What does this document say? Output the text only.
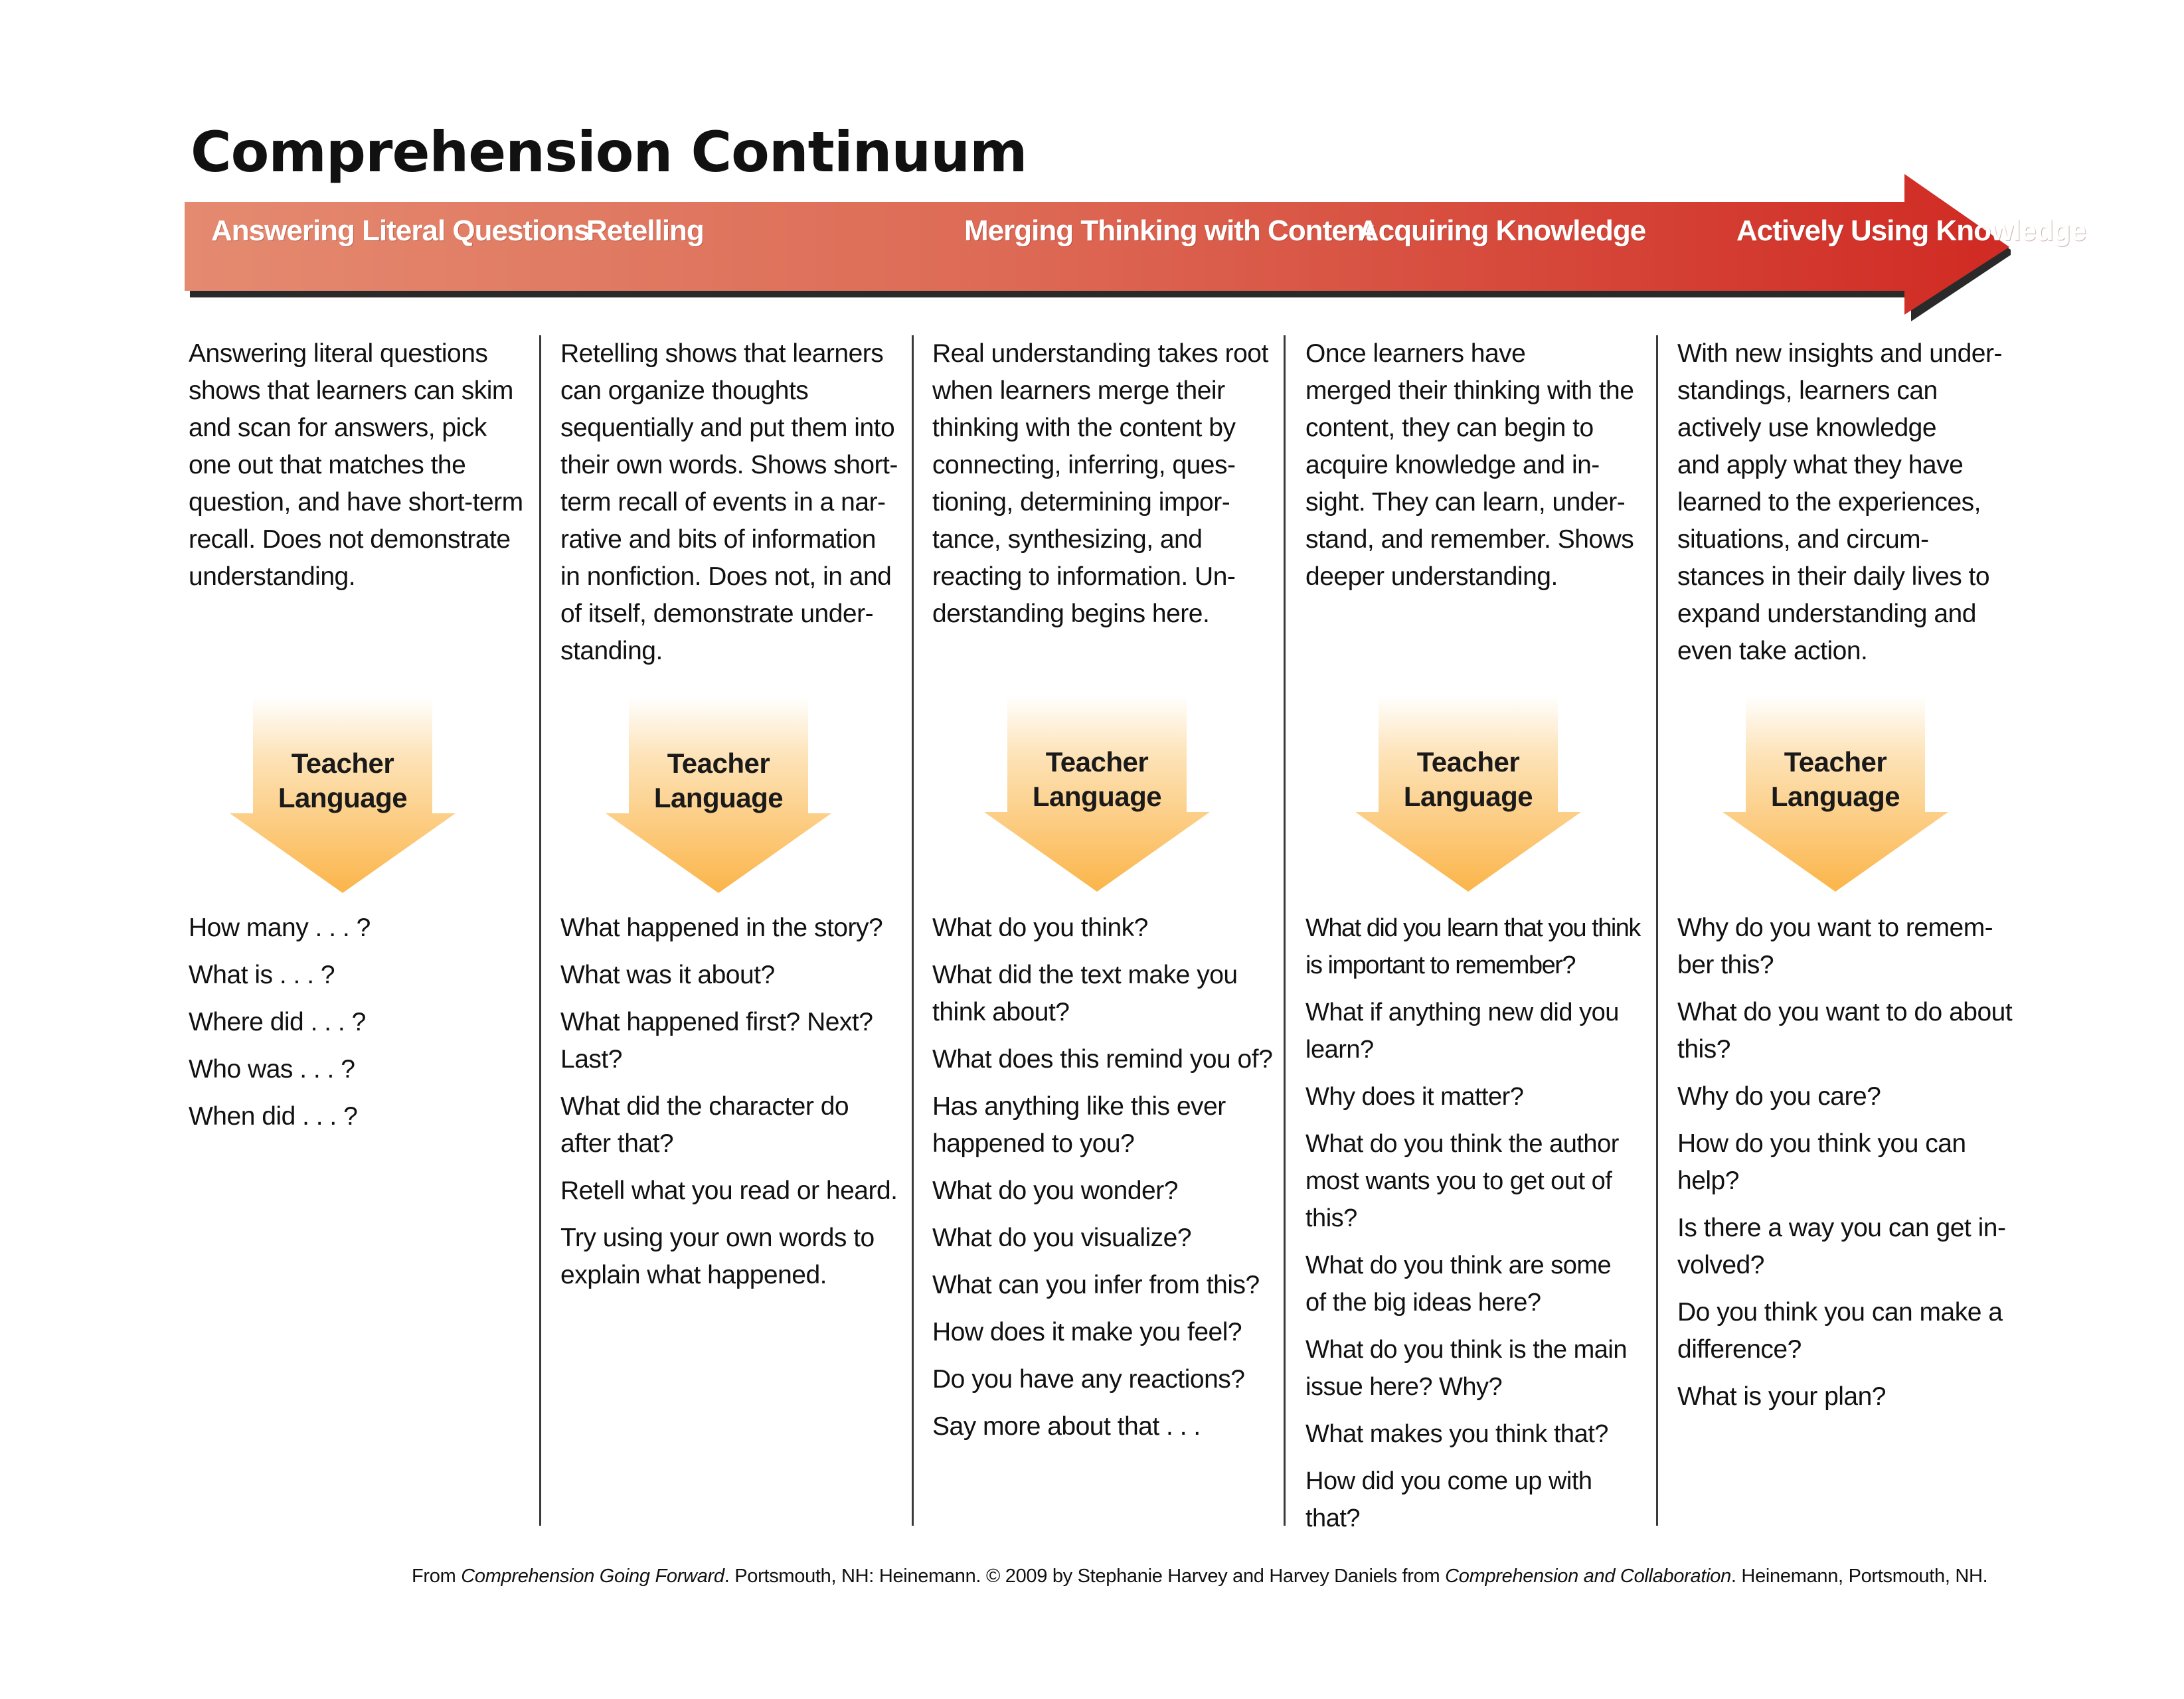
Comprehension Continuum
Answering Literal Questions
Retelling	Merging Thinking with Content
Acquiring Knowledge	Actively Using Knowledge
Answering literal questions
shows that learners can skim
and scan for answers, pick
one out that matches the
question, and have short-term
recall. Does not demonstrate
understanding.
Teacher
Language
How many . . . ?
What is . . . ?
Where did . . . ?
Who was . . . ?
When did . . . ?
Retelling shows that learners
can organize thoughts
sequentially and put them into
their own words. Shows short-
term recall of events in a nar-
rative and bits of information
in nonfiction. Does not, in and
of itself, demonstrate under-
standing.
Teacher
Language
What happened in the story?
What was it about?
What happened first? Next?
Last?
What did the character do
after that?
Retell what you read or heard.
Try using your own words to
explain what happened.
Real understanding takes root
when learners merge their
thinking with the content by
connecting, inferring, ques-
tioning, determining impor-
tance, synthesizing, and
reacting to information. Un-
derstanding begins here.
Teacher
Language
What do you think?
What did the text make you
think about?
What does this remind you of?
Has anything like this ever
happened to you?
What do you wonder?
What do you visualize?
What can you infer from this?
How does it make you feel?
Do you have any reactions?
Say more about that . . .
Once learners have
merged their thinking with the
content, they can begin to
acquire knowledge and in-
sight. They can learn, under-
stand, and remember. Shows
deeper understanding.
Teacher
Language
What did you learn that you think
is important to remember?
What if anything new did you
learn?
Why does it matter?
What do you think the author
most wants you to get out of
this?
What do you think are some
of the big ideas here?
What do you think is the main
issue here? Why?
What makes you think that?
How did you come up with
that?
With new insights and under-
standings, learners can
actively use knowledge
and apply what they have
learned to the experiences,
situations, and circum-
stances in their daily lives to
expand understanding and
even take action.
Teacher
Language
Why do you want to remem-
ber this?
What do you want to do about
this?
Why do you care?
How do you think you can
help?
Is there a way you can get in-
volved?
Do you think you can make a
difference?
What is your plan?
From Comprehension Going Forward. Portsmouth, NH: Heinemann. © 2009 by Stephanie Harvey and Harvey Daniels from Comprehension and Collaboration. Heinemann, Portsmouth, NH.
